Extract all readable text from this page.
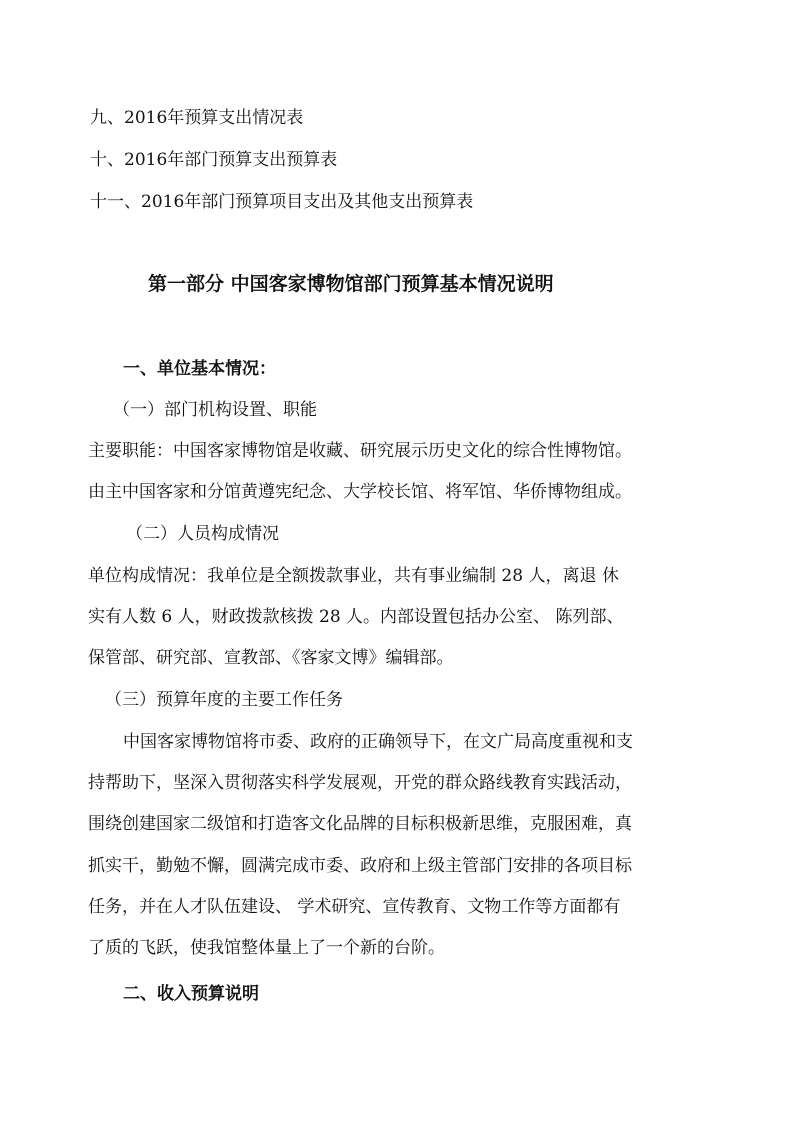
九、2016年预算支出情况表
十、2016年部门预算支出预算表
十一、2016年部门预算项目支出及其他支出预算表
第一部分 中国客家博物馆部门预算基本情况说明
一、单位基本情况：
（一）部门机构设置、职能
主要职能：中国客家博物馆是收藏、研究展示历史文化的综合性博物馆。
由主中国客家和分馆黄遵宪纪念、大学校长馆、将军馆、华侨博物组成。
（二）人员构成情况
单位构成情况：我单位是全额拨款事业，共有事业编制 28 人，离退 休
实有人数 6 人，财政拨款核拨 28 人。内部设置包括办公室、 陈列部、
保管部、研究部、宣教部、《客家文博》编辑部。
（三）预算年度的主要工作任务
中国客家博物馆将市委、政府的正确领导下，在文广局高度重视和支
持帮助下，坚深入贯彻落实科学发展观，开党的群众路线教育实践活动，
围绕创建国家二级馆和打造客文化品牌的目标积极新思维，克服困难，真
抓实干，勤勉不懈，圆满完成市委、政府和上级主管部门安排的各项目标
任务，并在人才队伍建设、 学术研究、宣传教育、文物工作等方面都有
了质的飞跃，使我馆整体量上了一个新的台阶。
二、收入预算说明
